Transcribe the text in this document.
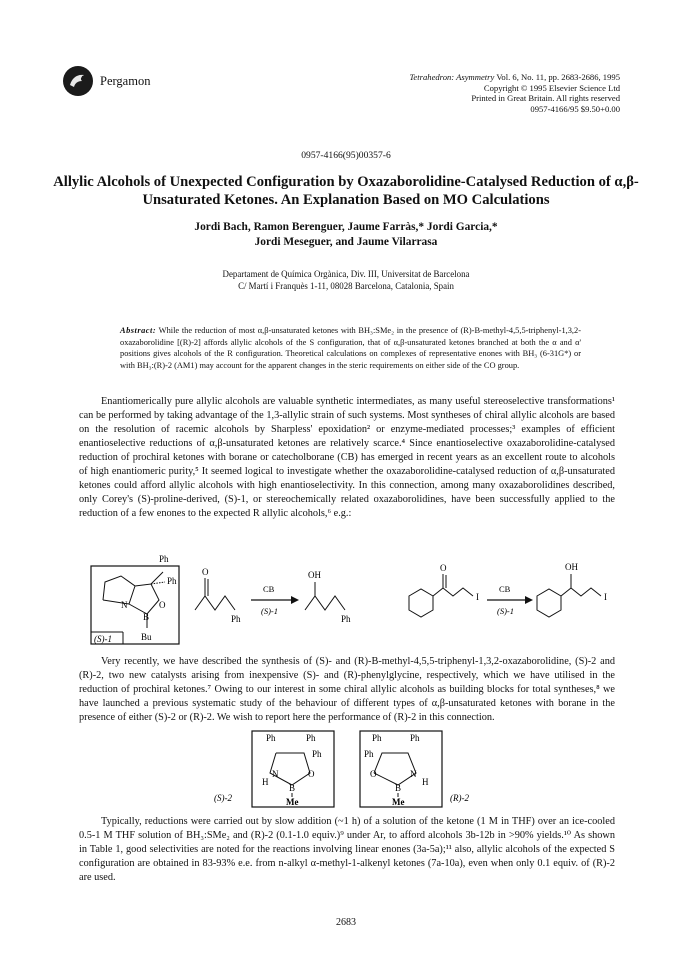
Pergamon	Tetrahedron: Asymmetry Vol. 6, No. 11, pp. 2683-2686, 1995
Copyright © 1995 Elsevier Science Ltd
Printed in Great Britain. All rights reserved
0957-4166/95 $9.50+0.00
0957-4166(95)00357-6
Allylic Alcohols of Unexpected Configuration by Oxazaborolidine-Catalysed Reduction of α,β-Unsaturated Ketones. An Explanation Based on MO Calculations
Jordi Bach, Ramon Berenguer, Jaume Farràs,* Jordi Garcia,*
Jordi Meseguer, and Jaume Vilarrasa
Departament de Química Orgànica, Div. III, Universitat de Barcelona
C/ Martí i Franquès 1-11, 08028 Barcelona, Catalonia, Spain
Abstract: While the reduction of most α,β-unsaturated ketones with BH₃:SMe₂ in the presence of (R)-B-methyl-4,5,5-triphenyl-1,3,2-oxazaborolidine [(R)-2] affords allylic alcohols of the S configuration, that of α,β-unsaturated ketones branched at both the α and α' positions gives alcohols of the R configuration. Theoretical calculations on complexes of representative enones with BH₃ (6-31G*) or with BH₃:(R)-2 (AM1) may account for the apparent changes in the steric requirements on either side of the CO group.

Enantiomerically pure allylic alcohols are valuable synthetic intermediates, as many useful stereoselective transformations¹ can be performed by taking advantage of the 1,3-allylic strain of such systems. Most syntheses of chiral allylic alcohols are based on the resolution of racemic alcohols by Sharpless' epoxidation² or enzyme-mediated processes;³ examples of efficient enantioselective reductions of α,β-unsaturated ketones are relatively scarce.⁴ Since enantioselective oxazaborolidine-catalysed reduction of prochiral ketones with borane or catecholborane (CB) has emerged in recent years as an excellent route to alcohols of high enantiomeric purity,⁵ It seemed logical to investigate whether the oxazaborolidine-catalysed reduction of α,β-unsaturated ketones could afford allylic alcohols with high enantioselectivity. In this connection, among many oxazaborolidines described, only Corey's (S)-proline-derived, (S)-1, or stereochemically related oxazaborolidines, have been successfully applied to the reduction of a few enones to the expected R allylic alcohols,⁶ e.g.:

Ph
Ph
N	O
B
Bu
(S)-1
O
Ph
CB
(S)-1
OH
Ph
O
I
CB
(S)-1
OH
I

Very recently, we have described the synthesis of (S)- and (R)-B-methyl-4,5,5-triphenyl-1,3,2-oxazaborolidine, (S)-2 and (R)-2, two new catalysts arising from inexpensive (S)- and (R)-phenylglycine, respectively, which we have utilised in the reduction of prochiral ketones.⁷ Owing to our interest in some chiral allylic alcohols as building blocks for total syntheses,⁸ we have launched a previous systematic study of the behaviour of different types of α,β-unsaturated ketones with borane in the presence of either (S)-2 or (R)-2. We wish to report here the performance of (R)-2 in this connection.

Ph	Ph
Ph
N	O
H
B
Me
(S)-2
Ph	Ph
Ph
O	N
H
B
Me	(R)-2

Typically, reductions were carried out by slow addition (~1 h) of a solution of the ketone (1 M in THF) over an ice-cooled 0.5-1 M THF solution of BH₃:SMe₂ and (R)-2 (0.1-1.0 equiv.)⁹ under Ar, to afford alcohols 3b-12b in >90% yields.¹⁰ As shown in Table 1, good selectivities are noted for the reactions involving linear enones (3a-5a);¹¹ also, allylic alcohols of the expected S configuration are obtained in 83-93% e.e. from n-alkyl α-methyl-1-alkenyl ketones (7a-10a), even when only 0.1 equiv. of (R)-2 are used.

2683
